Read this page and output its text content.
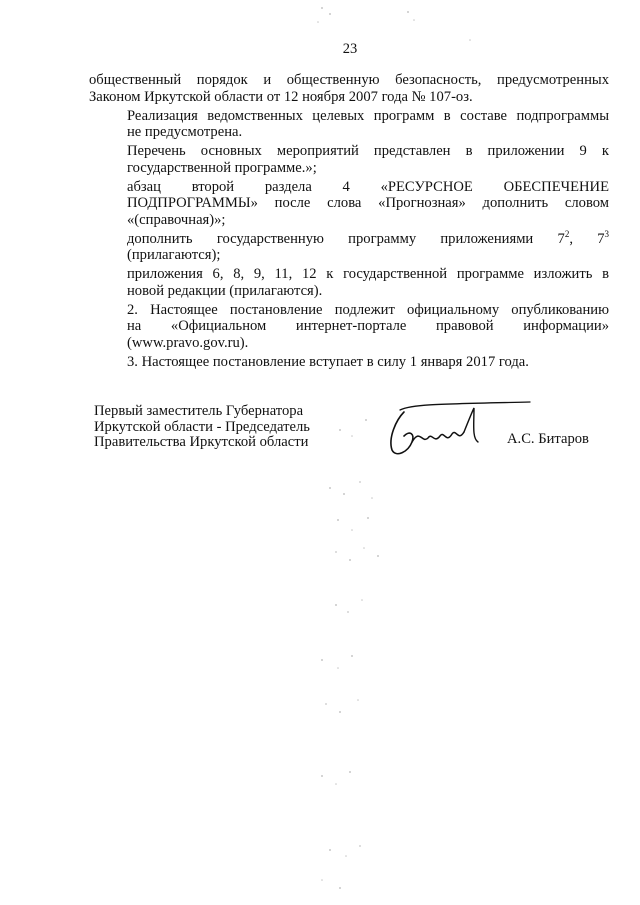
23

общественный порядок и общественную безопасность, предусмотренных
Законом Иркутской области от 12 ноября 2007 года № 107-оз.

Реализация ведомственных целевых программ в составе подпрограммы
не предусмотрена.

Перечень основных мероприятий представлен в приложении 9 к
государственной программе.»;

абзац второй раздела 4 «РЕСУРСНОЕ ОБЕСПЕЧЕНИЕ
ПОДПРОГРАММЫ» после слова «Прогнозная» дополнить словом
«(справочная)»;

дополнить государственную программу приложениями $7^2$, $7^3$
(прилагаются);

приложения 6, 8, 9, 11, 12 к государственной программе изложить в
новой редакции (прилагаются).

2. Настоящее постановление подлежит официальному опубликованию
на «Официальном интернет-портале правовой информации»
(www.pravo.gov.ru).

3. Настоящее постановление вступает в силу 1 января 2017 года.

Первый заместитель Губернатора
Иркутской области - Председатель
Правительства Иркутской области	А.С. Битаров
